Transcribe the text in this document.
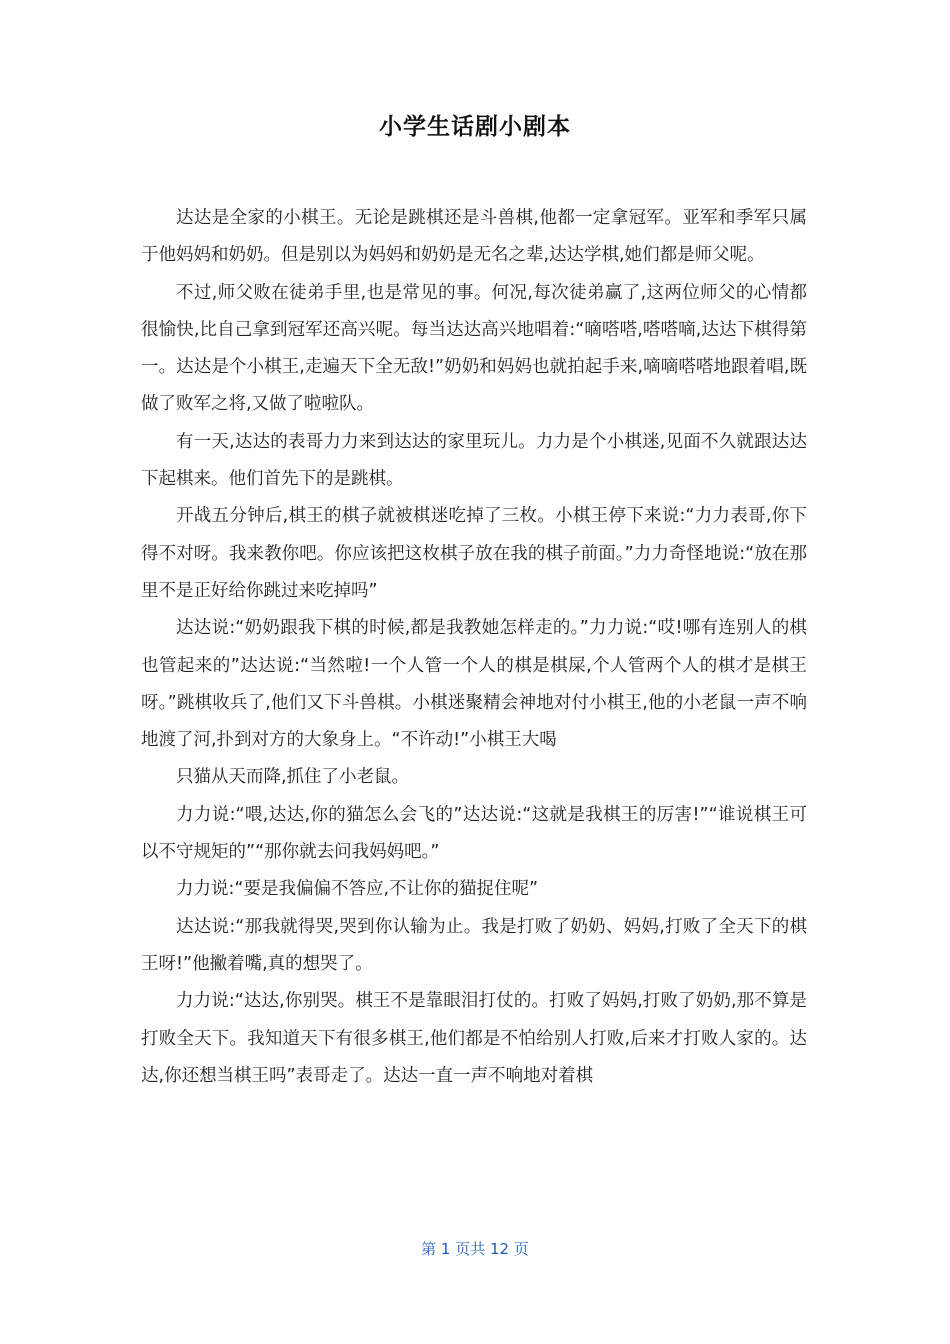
小学生话剧小剧本

达达是全家的小棋王。无论是跳棋还是斗兽棋,他都一定拿冠军。亚军和季军只属于他妈妈和奶奶。但是别以为妈妈和奶奶是无名之辈,达达学棋,她们都是师父呢。

不过,师父败在徒弟手里,也是常见的事。何况,每次徒弟赢了,这两位师父的心情都很愉快,比自己拿到冠军还高兴呢。每当达达高兴地唱着:“嘀嗒嗒,嗒嗒嘀,达达下棋得第一。达达是个小棋王,走遍天下全无敌!”奶奶和妈妈也就拍起手来,嘀嘀嗒嗒地跟着唱,既做了败军之将,又做了啦啦队。

有一天,达达的表哥力力来到达达的家里玩儿。力力是个小棋迷,见面不久就跟达达下起棋来。他们首先下的是跳棋。

开战五分钟后,棋王的棋子就被棋迷吃掉了三枚。小棋王停下来说:“力力表哥,你下得不对呀。我来教你吧。你应该把这枚棋子放在我的棋子前面。”力力奇怪地说:“放在那里不是正好给你跳过来吃掉吗”

达达说:“奶奶跟我下棋的时候,都是我教她怎样走的。”力力说:“哎!哪有连别人的棋也管起来的”达达说:“当然啦!一个人管一个人的棋是棋屎,个人管两个人的棋才是棋王呀。”跳棋收兵了,他们又下斗兽棋。小棋迷聚精会神地对付小棋王,他的小老鼠一声不响地渡了河,扑到对方的大象身上。“不许动!”小棋王大喝

只猫从天而降,抓住了小老鼠。

力力说:“喂,达达,你的猫怎么会飞的”达达说:“这就是我棋王的厉害!”“谁说棋王可以不守规矩的”“那你就去问我妈妈吧。”

力力说:“要是我偏偏不答应,不让你的猫捉住呢”

达达说:“那我就得哭,哭到你认输为止。我是打败了奶奶、妈妈,打败了全天下的棋王呀!”他撇着嘴,真的想哭了。

力力说:“达达,你别哭。棋王不是靠眼泪打仗的。打败了妈妈,打败了奶奶,那不算是打败全天下。我知道天下有很多棋王,他们都是不怕给别人打败,后来才打败人家的。达达,你还想当棋王吗”表哥走了。达达一直一声不响地对着棋

第 1 页共 12 页
